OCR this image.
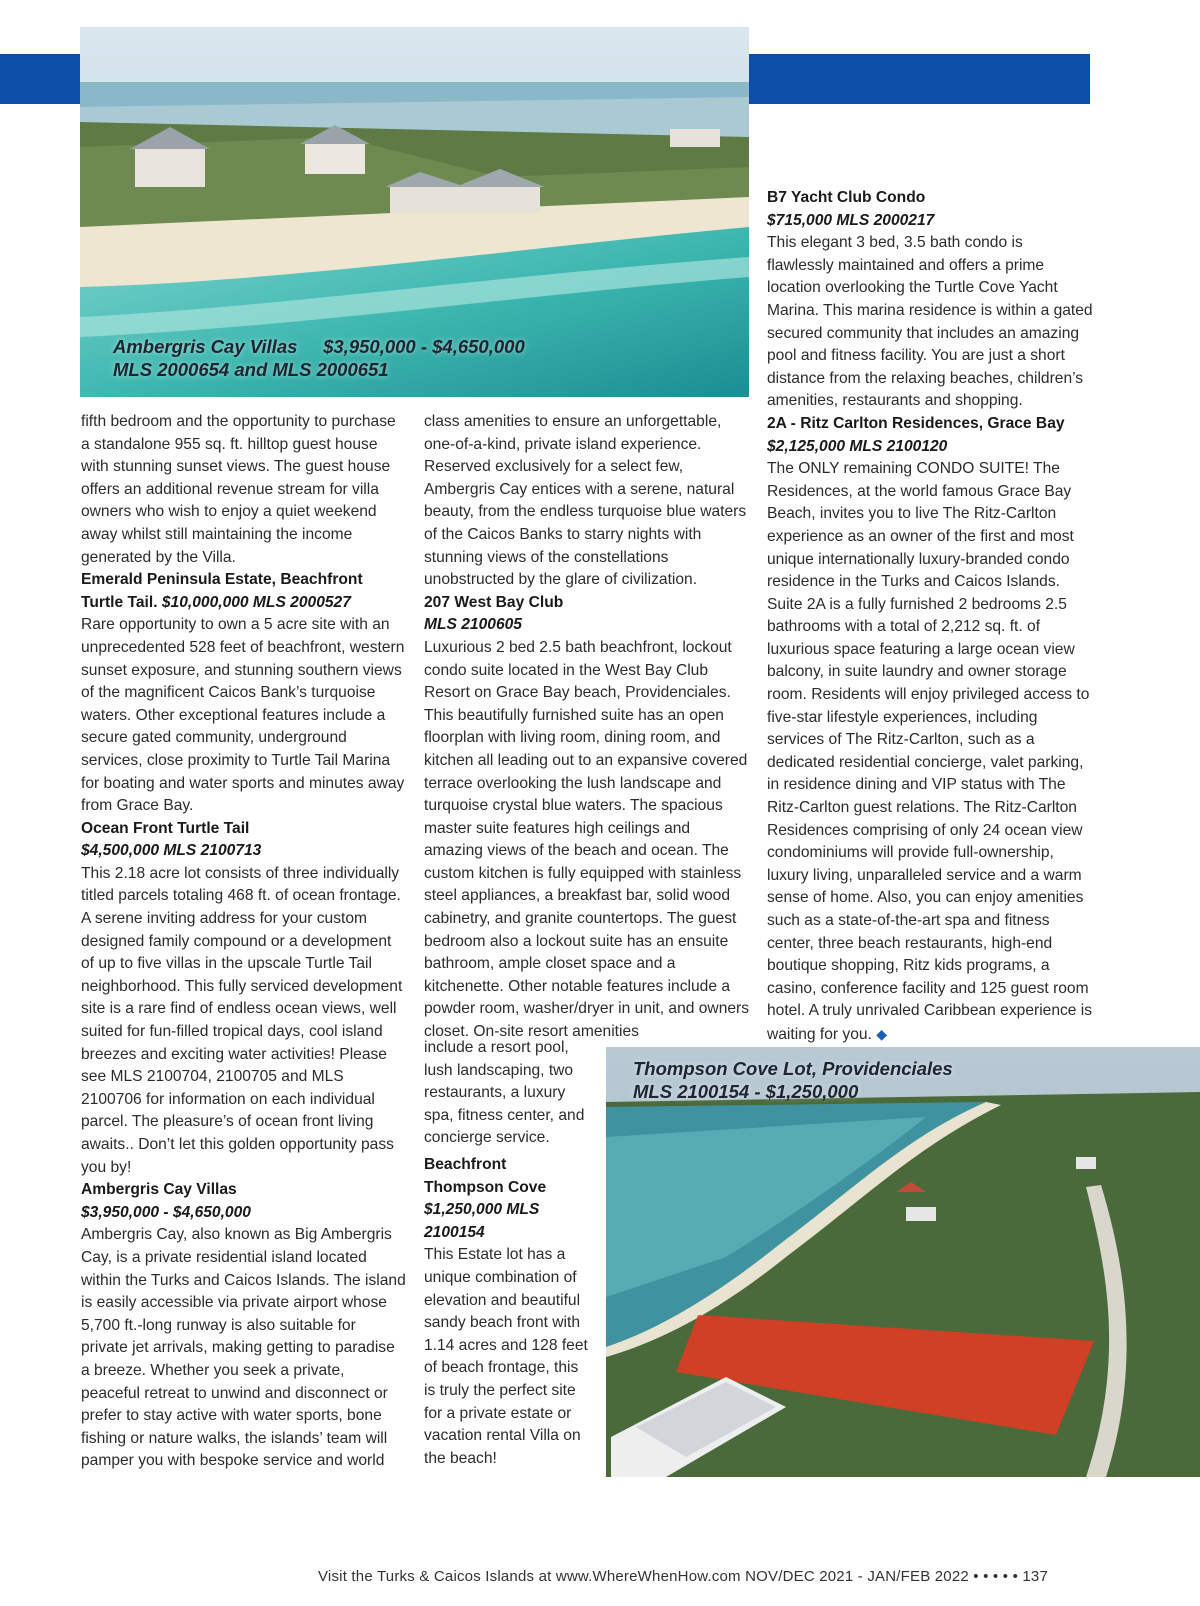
Ambergris Cay Villas $3,950,000 - $4,650,000
MLS 2000654 and MLS 2000651

fifth bedroom and the opportunity to purchase a standalone 955 sq. ft. hilltop guest house with stunning sunset views. The guest house offers an additional revenue stream for villa owners who wish to enjoy a quiet weekend away whilst still maintaining the income generated by the Villa.

Emerald Peninsula Estate, Beachfront Turtle Tail. $10,000,000 MLS 2000527

Rare opportunity to own a 5 acre site with an unprecedented 528 feet of beachfront, western sunset exposure, and stunning southern views of the magnificent Caicos Bank’s turquoise waters. Other exceptional features include a secure gated community, underground services, close proximity to Turtle Tail Marina for boating and water sports and minutes away from Grace Bay.

Ocean Front Turtle Tail
$4,500,000 MLS 2100713

This 2.18 acre lot consists of three individually titled parcels totaling 468 ft. of ocean frontage. A serene inviting address for your custom designed family compound or a development of up to five villas in the upscale Turtle Tail neighborhood. This fully serviced development site is a rare find of endless ocean views, well suited for fun-filled tropical days, cool island breezes and exciting water activities! Please see MLS 2100704, 2100705 and MLS 2100706 for information on each individual parcel. The pleasure’s of ocean front living awaits.. Don’t let this golden opportunity pass you by!

Ambergris Cay Villas
$3,950,000 - $4,650,000

Ambergris Cay, also known as Big Ambergris Cay, is a private residential island located within the Turks and Caicos Islands. The island is easily accessible via private airport whose 5,700 ft.-long runway is also suitable for private jet arrivals, making getting to paradise a breeze. Whether you seek a private, peaceful retreat to unwind and disconnect or prefer to stay active with water sports, bone fishing or nature walks, the islands’ team will pamper you with bespoke service and world

class amenities to ensure an unforgettable, one-of-a-kind, private island experience. Reserved exclusively for a select few, Ambergris Cay entices with a serene, natural beauty, from the endless turquoise blue waters of the Caicos Banks to starry nights with stunning views of the constellations unobstructed by the glare of civilization.

207 West Bay Club
MLS 2100605

Luxurious 2 bed 2.5 bath beachfront, lockout condo suite located in the West Bay Club Resort on Grace Bay beach, Providenciales. This beautifully furnished suite has an open floorplan with living room, dining room, and kitchen all leading out to an expansive covered terrace overlooking the lush landscape and turquoise crystal blue waters. The spacious master suite features high ceilings and amazing views of the beach and ocean. The custom kitchen is fully equipped with stainless steel appliances, a breakfast bar, solid wood cabinetry, and granite countertops. The guest bedroom also a lockout suite has an ensuite bathroom, ample closet space and a kitchenette. Other notable features include a powder room, washer/dryer in unit, and owners closet. On-site resort amenities

include a resort pool, lush landscaping, two restaurants, a luxury spa, fitness center, and concierge service.

Beachfront Thompson Cove
$1,250,000 MLS 2100154

This Estate lot has a unique combination of elevation and beautiful sandy beach front with 1.14 acres and 128 feet of beach frontage, this is truly the perfect site for a private estate or vacation rental Villa on the beach!

B7 Yacht Club Condo
$715,000 MLS 2000217

This elegant 3 bed, 3.5 bath condo is flawlessly maintained and offers a prime location overlooking the Turtle Cove Yacht Marina. This marina residence is within a gated secured community that includes an amazing pool and fitness facility. You are just a short distance from the relaxing beaches, children’s amenities, restaurants and shopping.

2A - Ritz Carlton Residences, Grace Bay
$2,125,000 MLS 2100120

The ONLY remaining CONDO SUITE! The Residences, at the world famous Grace Bay Beach, invites you to live The Ritz-Carlton experience as an owner of the first and most unique internationally luxury-branded condo residence in the Turks and Caicos Islands. Suite 2A is a fully furnished 2 bedrooms 2.5 bathrooms with a total of 2,212 sq. ft. of luxurious space featuring a large ocean view balcony, in suite laundry and owner storage room. Residents will enjoy privileged access to five-star lifestyle experiences, including services of The Ritz-Carlton, such as a dedicated residential concierge, valet parking, in residence dining and VIP status with The Ritz-Carlton guest relations. The Ritz-Carlton Residences comprising of only 24 ocean view condominiums will provide full-ownership, luxury living, unparalleled service and a warm sense of home. Also, you can enjoy amenities such as a state-of-the-art spa and fitness center, three beach restaurants, high-end boutique shopping, Ritz kids programs, a casino, conference facility and 125 guest room hotel. A truly unrivaled Caribbean experience is waiting for you. ◆

Thompson Cove Lot, Providenciales
MLS 2100154 - $1,250,000
Visit the Turks & Caicos Islands at www.WhereWhenHow.com NOV/DEC 2021 - JAN/FEB 2022 • • • • • 137
